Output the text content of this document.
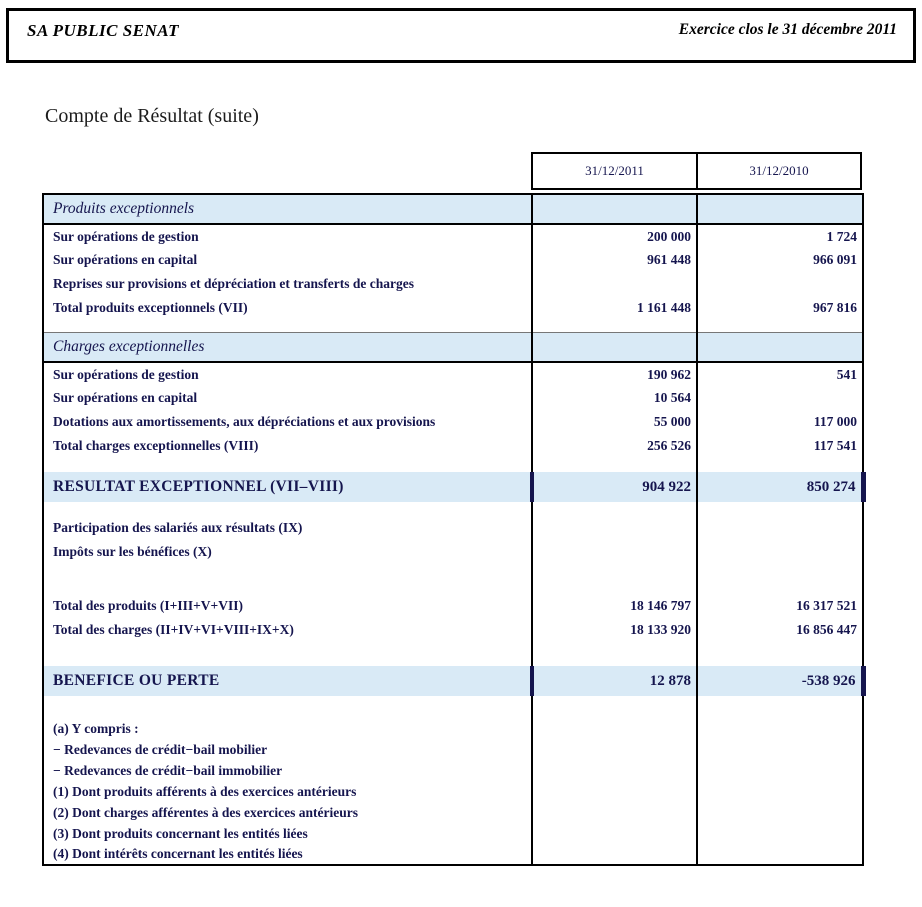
SA PUBLIC SENAT	Exercice clos le 31 décembre 2011
Compte de Résultat (suite)
31/12/2011	31/12/2010
Produits exceptionnels		
Sur opérations de gestion	200 000	1 724
Sur opérations en capital	961 448	966 091
Reprises sur provisions et dépréciation et transferts de charges		
Total produits exceptionnels (VII)	1 161 448	967 816

Charges exceptionnelles		
Sur opérations de gestion	190 962	541
Sur opérations en capital	10 564	
Dotations aux amortissements, aux dépréciations et aux provisions	55 000	117 000
Total charges exceptionnelles (VIII)	256 526	117 541

RESULTAT EXCEPTIONNEL (VII–VIII)	904 922	850 274

Participation des salariés aux résultats (IX)		
Impôts sur les bénéfices (X)		

Total des produits (I+III+V+VII)	18 146 797	16 317 521
Total des charges (II+IV+VI+VIII+IX+X)	18 133 920	16 856 447

BENEFICE OU PERTE	12 878	-538 926

(a) Y compris :		
− Redevances de crédit−bail mobilier		
− Redevances de crédit−bail immobilier		
(1) Dont produits afférents à des exercices antérieurs		
(2) Dont charges afférentes à des exercices antérieurs		
(3) Dont produits concernant les entités liées		
(4) Dont intérêts concernant les entités liées		
